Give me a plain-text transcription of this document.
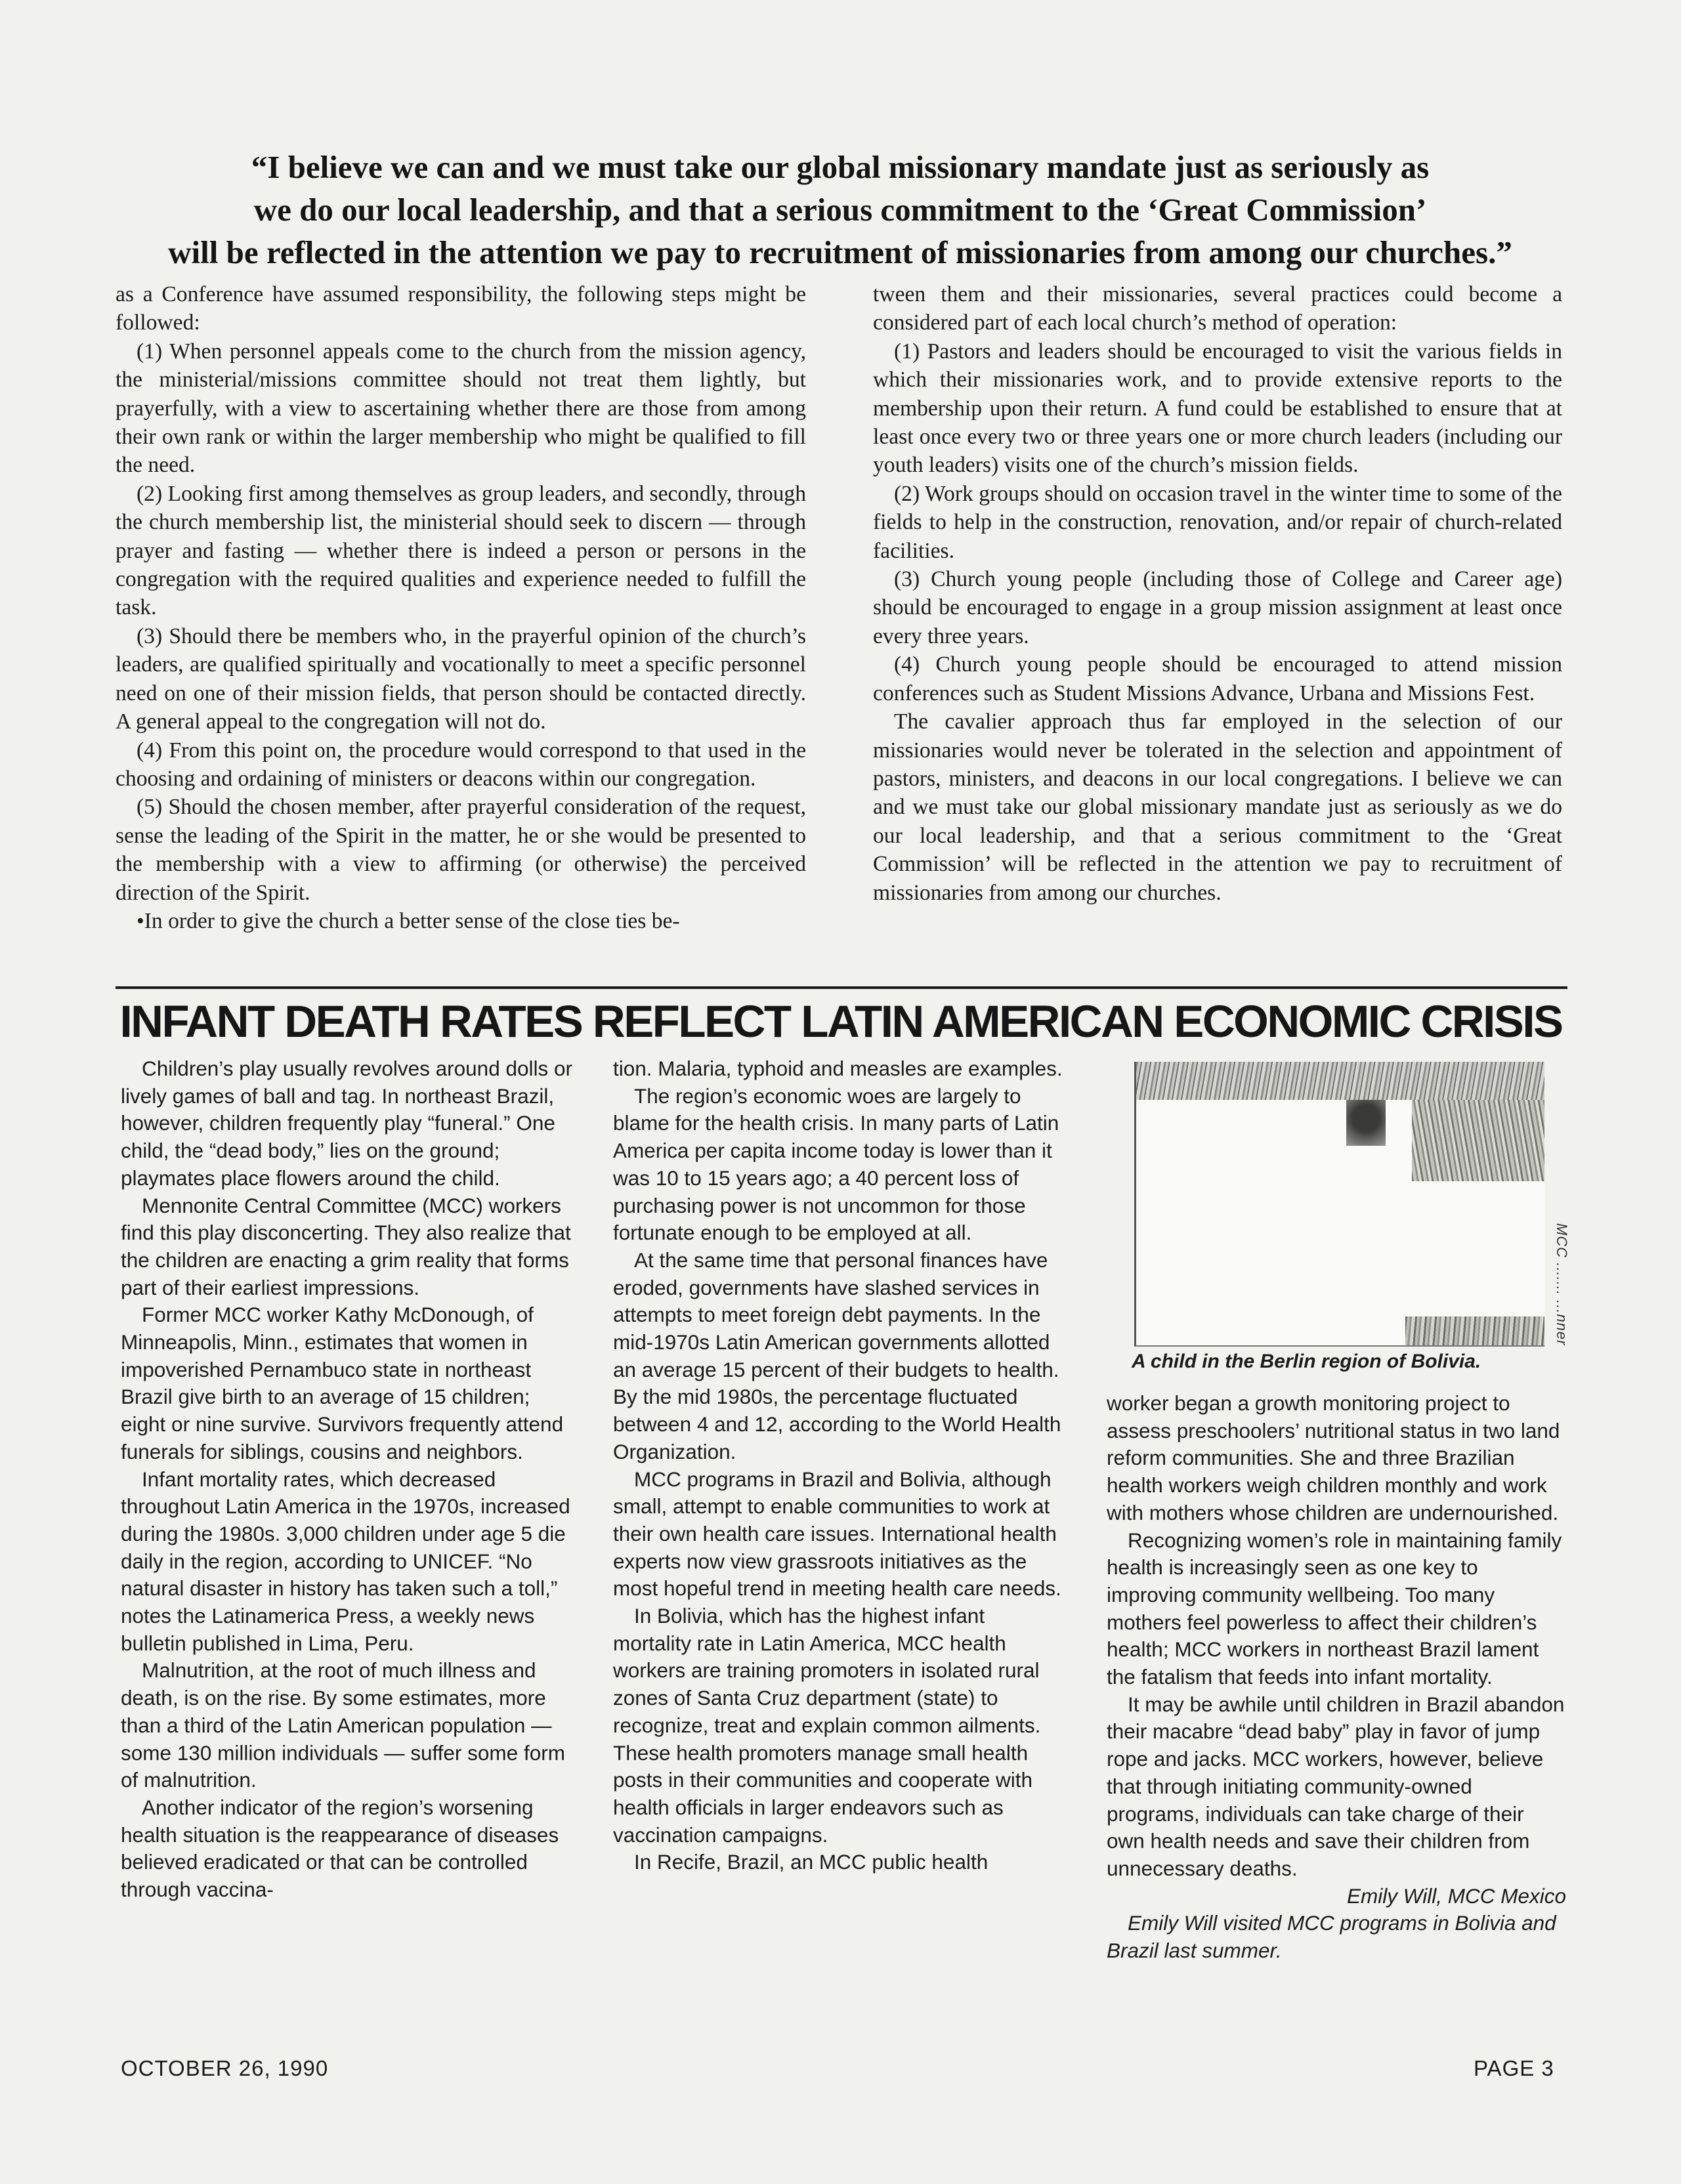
“I believe we can and we must take our global missionary mandate just as seriously as
we do our local leadership, and that a serious commitment to the ‘Great Commission’
will be reflected in the attention we pay to recruitment of missionaries from among our churches.”

as a Conference have assumed responsibility, the following steps might be followed:

(1) When personnel appeals come to the church from the mission agency, the ministerial/missions committee should not treat them lightly, but prayerfully, with a view to ascertaining whether there are those from among their own rank or within the larger membership who might be qualified to fill the need.

(2) Looking first among themselves as group leaders, and secondly, through the church membership list, the ministerial should seek to discern — through prayer and fasting — whether there is indeed a person or persons in the congregation with the required qualities and experience needed to fulfill the task.

(3) Should there be members who, in the prayerful opinion of the church’s leaders, are qualified spiritually and vocationally to meet a specific personnel need on one of their mission fields, that person should be contacted directly. A general appeal to the congregation will not do.

(4) From this point on, the procedure would correspond to that used in the choosing and ordaining of ministers or deacons within our congregation.

(5) Should the chosen member, after prayerful consideration of the request, sense the leading of the Spirit in the matter, he or she would be presented to the membership with a view to affirming (or otherwise) the perceived direction of the Spirit.

•In order to give the church a better sense of the close ties be-

tween them and their missionaries, several practices could become a considered part of each local church’s method of operation:

(1) Pastors and leaders should be encouraged to visit the various fields in which their missionaries work, and to provide extensive reports to the membership upon their return. A fund could be established to ensure that at least once every two or three years one or more church leaders (including our youth leaders) visits one of the church’s mission fields.

(2) Work groups should on occasion travel in the winter time to some of the fields to help in the construction, renovation, and/or repair of church-related facilities.

(3) Church young people (including those of College and Career age) should be encouraged to engage in a group mission assignment at least once every three years.

(4) Church young people should be encouraged to attend mission conferences such as Student Missions Advance, Urbana and Missions Fest.

The cavalier approach thus far employed in the selection of our missionaries would never be tolerated in the selection and appointment of pastors, ministers, and deacons in our local congregations. I believe we can and we must take our global missionary mandate just as seriously as we do our local leadership, and that a serious commitment to the ‘Great Commission’ will be reflected in the attention we pay to recruitment of missionaries from among our churches.

INFANT DEATH RATES REFLECT LATIN AMERICAN ECONOMIC CRISIS

Children’s play usually revolves around dolls or lively games of ball and tag. In northeast Brazil, however, children frequently play “funeral.” One child, the “dead body,” lies on the ground; playmates place flowers around the child.

Mennonite Central Committee (MCC) workers find this play disconcerting. They also realize that the children are enacting a grim reality that forms part of their earliest impressions.

Former MCC worker Kathy McDonough, of Minneapolis, Minn., estimates that women in impoverished Pernambuco state in northeast Brazil give birth to an average of 15 children; eight or nine survive. Survivors frequently attend funerals for siblings, cousins and neighbors.

Infant mortality rates, which decreased throughout Latin America in the 1970s, increased during the 1980s. 3,000 children under age 5 die daily in the region, according to UNICEF. “No natural disaster in history has taken such a toll,” notes the Latinamerica Press, a weekly news bulletin published in Lima, Peru.

Malnutrition, at the root of much illness and death, is on the rise. By some estimates, more than a third of the Latin American population — some 130 million individuals — suffer some form of malnutrition.

Another indicator of the region’s worsening health situation is the reappearance of diseases believed eradicated or that can be controlled through vaccina-

tion. Malaria, typhoid and measles are examples.

The region’s economic woes are largely to blame for the health crisis. In many parts of Latin America per capita income today is lower than it was 10 to 15 years ago; a 40 percent loss of purchasing power is not uncommon for those fortunate enough to be employed at all.

At the same time that personal finances have eroded, governments have slashed services in attempts to meet foreign debt payments. In the mid-1970s Latin American governments allotted an average 15 percent of their budgets to health. By the mid 1980s, the percentage fluctuated between 4 and 12, according to the World Health Organization.

MCC programs in Brazil and Bolivia, although small, attempt to enable communities to work at their own health care issues. International health experts now view grassroots initiatives as the most hopeful trend in meeting health care needs.

In Bolivia, which has the highest infant mortality rate in Latin America, MCC health workers are training promoters in isolated rural zones of Santa Cruz department (state) to recognize, treat and explain common ailments. These health promoters manage small health posts in their communities and cooperate with health officials in larger endeavors such as vaccination campaigns.

In Recife, Brazil, an MCC public health

MCC ....... ...nner
A child in the Berlin region of Bolivia.

worker began a growth monitoring project to assess preschoolers’ nutritional status in two land reform communities. She and three Brazilian health workers weigh children monthly and work with mothers whose children are undernourished.

Recognizing women’s role in maintaining family health is increasingly seen as one key to improving community wellbeing. Too many mothers feel powerless to affect their children’s health; MCC workers in northeast Brazil lament the fatalism that feeds into infant mortality.

It may be awhile until children in Brazil abandon their macabre “dead baby” play in favor of jump rope and jacks. MCC workers, however, believe that through initiating community-owned programs, individuals can take charge of their own health needs and save their children from unnecessary deaths.

Emily Will, MCC Mexico

Emily Will visited MCC programs in Bolivia and Brazil last summer.

OCTOBER 26, 1990	PAGE 3
